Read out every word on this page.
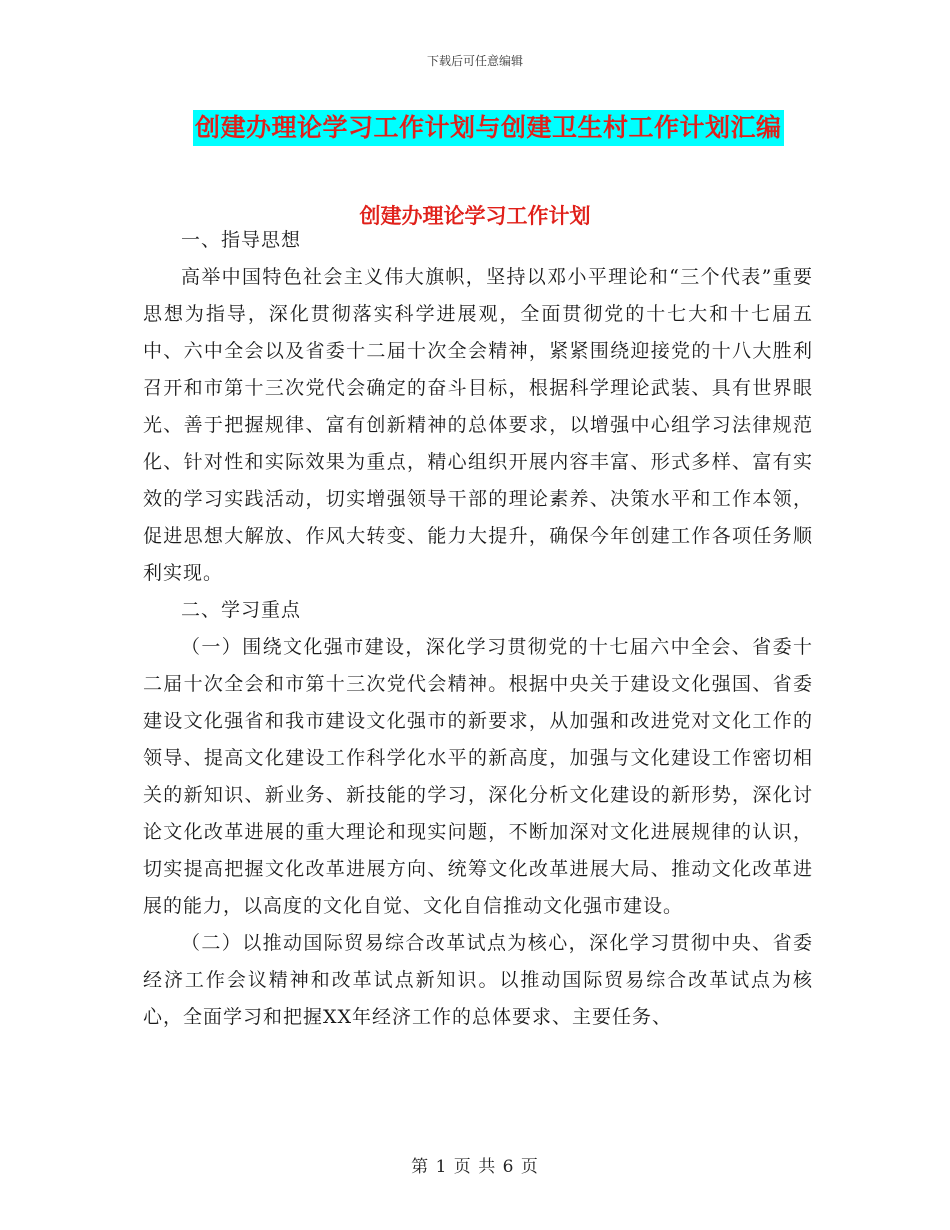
下载后可任意编辑
创建办理论学习工作计划与创建卫生村工作计划汇编
创建办理论学习工作计划

一、指导思想

高举中国特色社会主义伟大旗帜，坚持以邓小平理论和“三个代表”重要思想为指导，深化贯彻落实科学进展观，全面贯彻党的十七大和十七届五中、六中全会以及省委十二届十次全会精神，紧紧围绕迎接党的十八大胜利召开和市第十三次党代会确定的奋斗目标，根据科学理论武装、具有世界眼光、善于把握规律、富有创新精神的总体要求，以增强中心组学习法律规范化、针对性和实际效果为重点，精心组织开展内容丰富、形式多样、富有实效的学习实践活动，切实增强领导干部的理论素养、决策水平和工作本领，促进思想大解放、作风大转变、能力大提升，确保今年创建工作各项任务顺利实现。

二、学习重点

（一）围绕文化强市建设，深化学习贯彻党的十七届六中全会、省委十二届十次全会和市第十三次党代会精神。根据中央关于建设文化强国、省委建设文化强省和我市建设文化强市的新要求，从加强和改进党对文化工作的领导、提高文化建设工作科学化水平的新高度，加强与文化建设工作密切相关的新知识、新业务、新技能的学习，深化分析文化建设的新形势，深化讨论文化改革进展的重大理论和现实问题，不断加深对文化进展规律的认识，切实提高把握文化改革进展方向、统筹文化改革进展大局、推动文化改革进展的能力，以高度的文化自觉、文化自信推动文化强市建设。

（二）以推动国际贸易综合改革试点为核心，深化学习贯彻中央、省委经济工作会议精神和改革试点新知识。以推动国际贸易综合改革试点为核心，全面学习和把握XX年经济工作的总体要求、主要任务、

第 1 页 共 6 页
